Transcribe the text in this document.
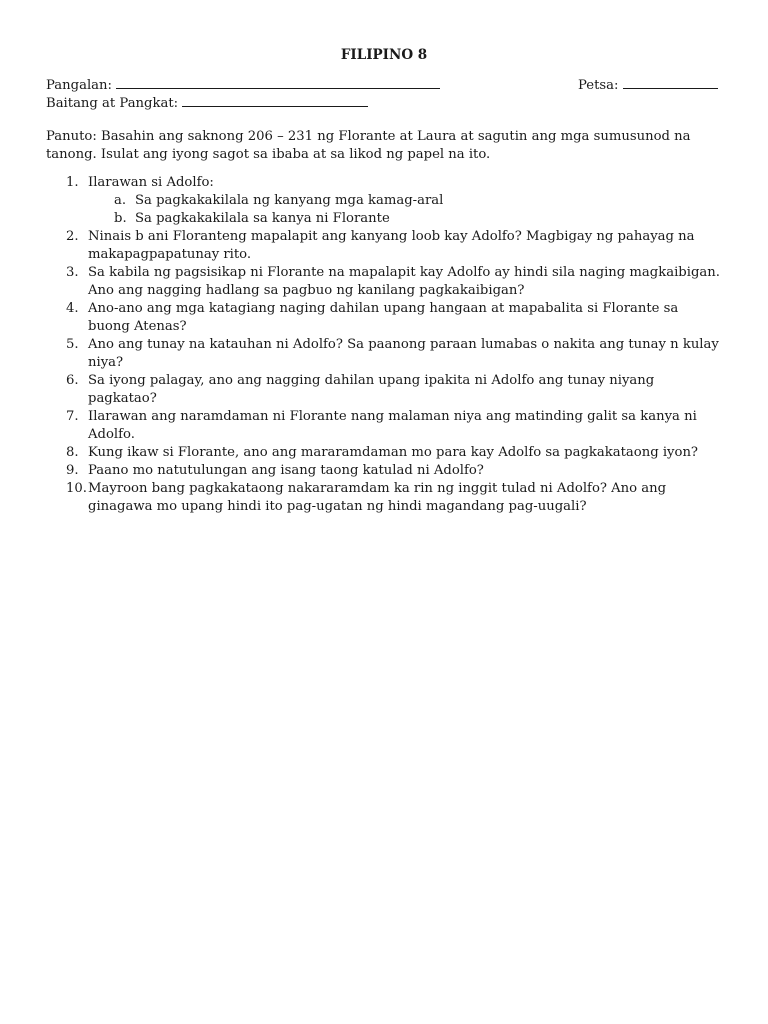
FILIPINO 8
Pangalan:	Petsa:
Baitang at Pangkat:
Panuto: Basahin ang saknong 206 – 231 ng Florante at Laura at sagutin ang mga sumusunod na tanong. Isulat ang iyong sagot sa ibaba at sa likod ng papel na ito.
1. Ilarawan si Adolfo:
a. Sa pagkakakilala ng kanyang mga kamag-aral
b. Sa pagkakakilala sa kanya ni Florante
2. Ninais b ani Floranteng mapalapit ang kanyang loob kay Adolfo? Magbigay ng pahayag na makapagpapatunay rito.
3. Sa kabila ng pagsisikap ni Florante na mapalapit kay Adolfo ay hindi sila naging magkaibigan. Ano ang nagging hadlang sa pagbuo ng kanilang pagkakaibigan?
4. Ano-ano ang mga katagiang naging dahilan upang hangaan at mapabalita si Florante sa buong Atenas?
5. Ano ang tunay na katauhan ni Adolfo? Sa paanong paraan lumabas o nakita ang tunay n kulay niya?
6. Sa iyong palagay, ano ang nagging dahilan upang ipakita ni Adolfo ang tunay niyang pagkatao?
7. Ilarawan ang naramdaman ni Florante nang malaman niya ang matinding galit sa kanya ni Adolfo.
8. Kung ikaw si Florante, ano ang mararamdaman mo para kay Adolfo sa pagkakataong iyon?
9. Paano mo natutulungan ang isang taong katulad ni Adolfo?
10. Mayroon bang pagkakataong nakararamdam ka rin ng inggit tulad ni Adolfo? Ano ang ginagawa mo upang hindi ito pag-ugatan ng hindi magandang pag-uugali?
